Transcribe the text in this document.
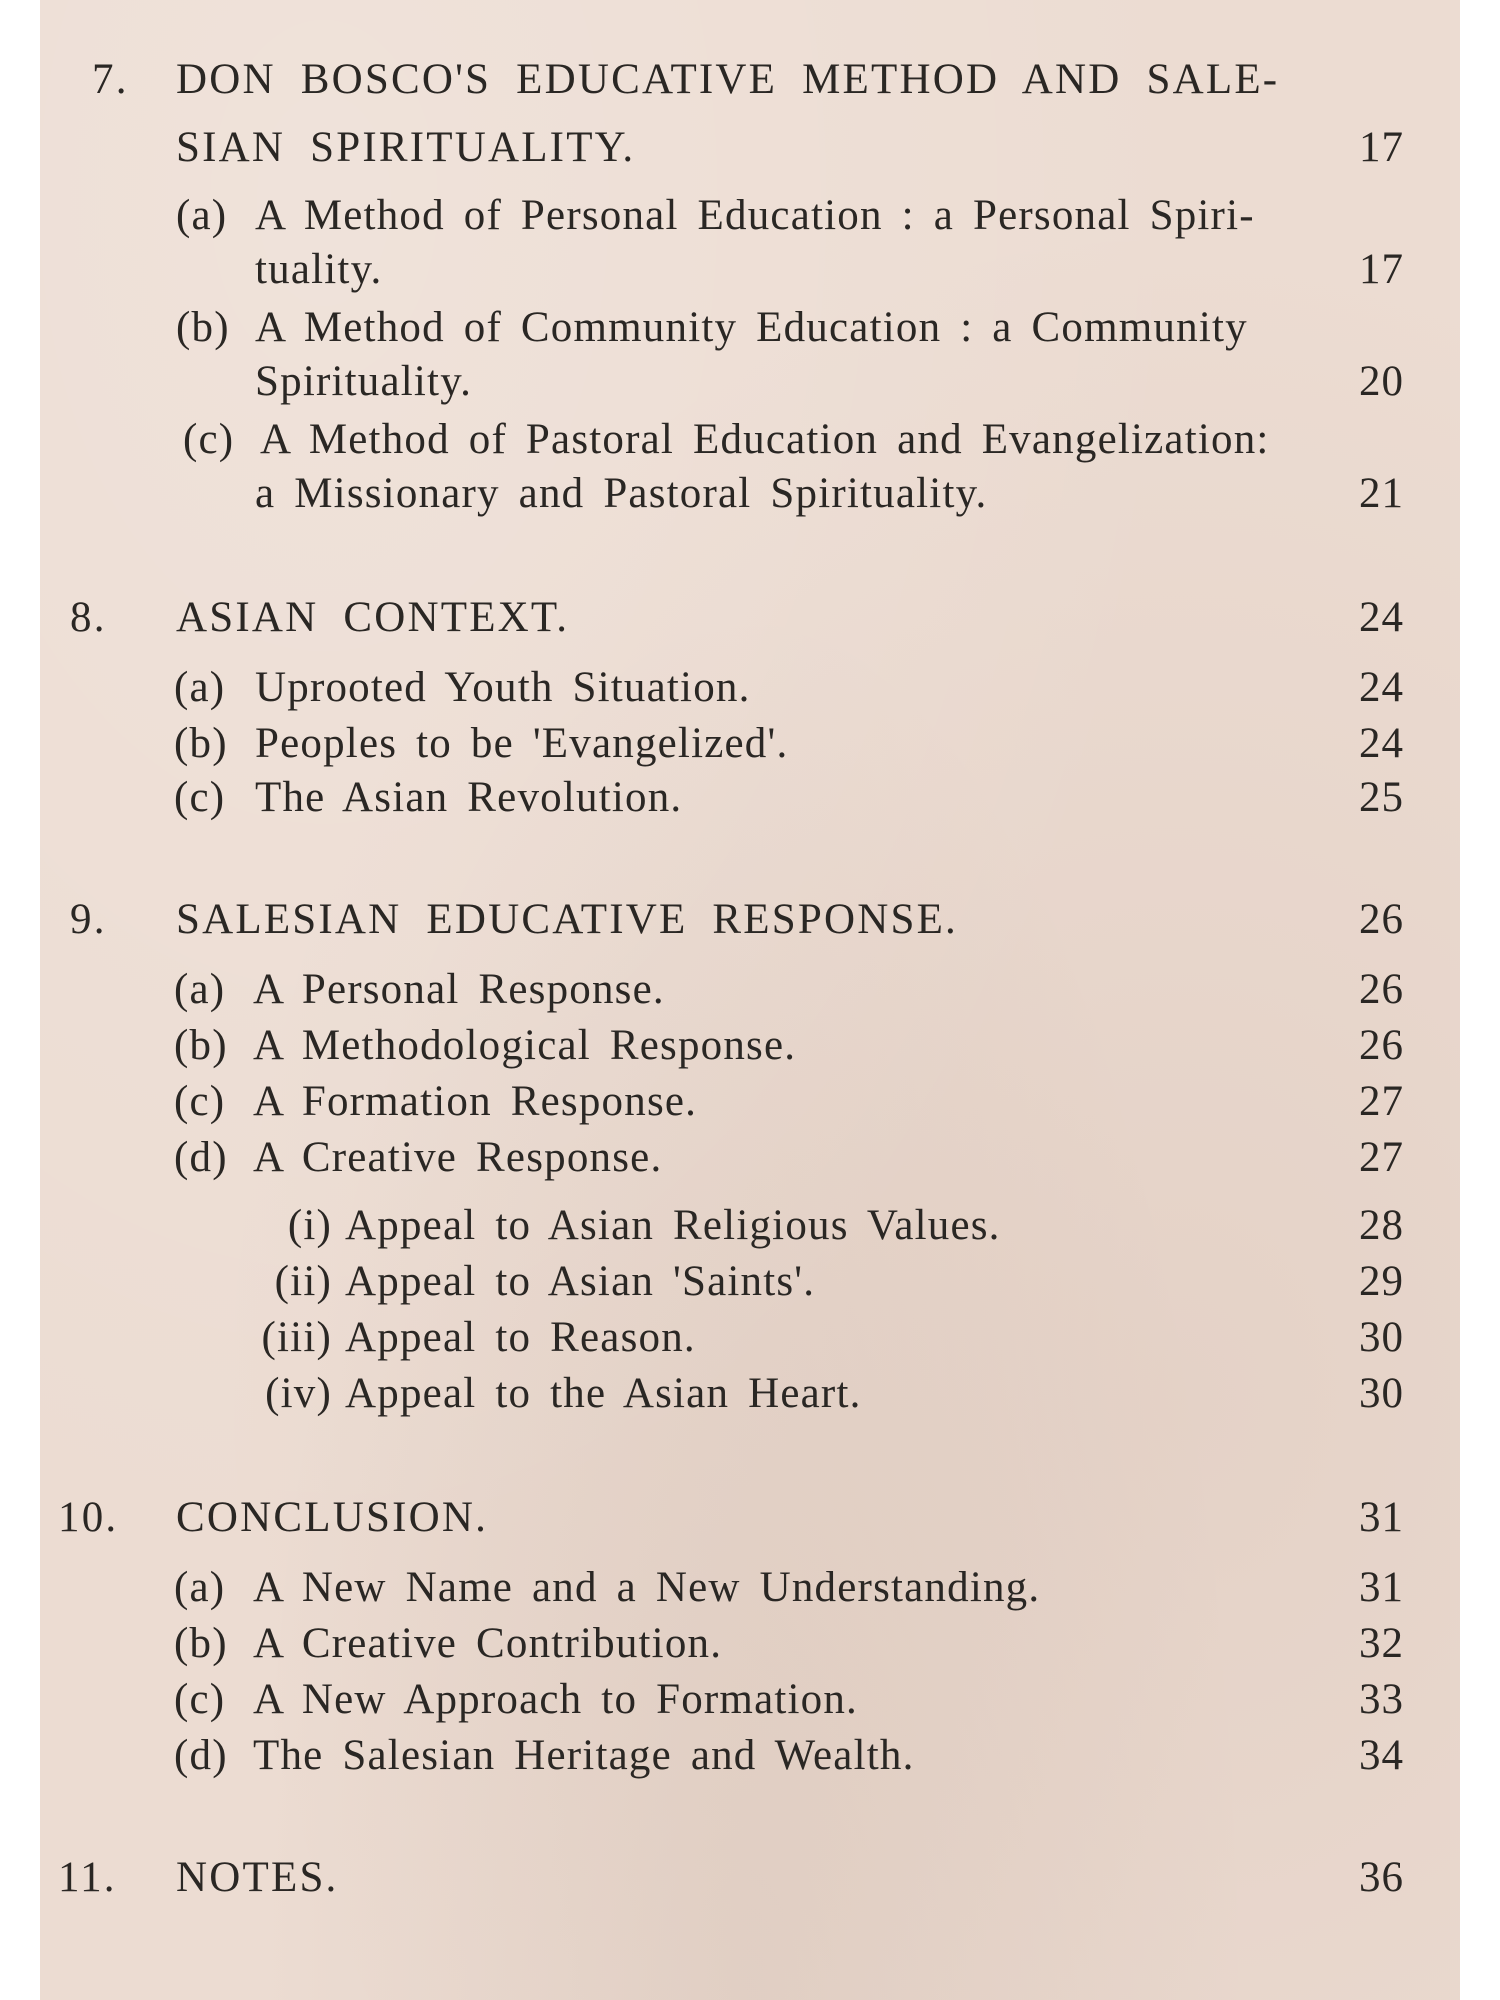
7.	DON BOSCO'S EDUCATIVE METHOD AND SALE-
SIAN SPIRITUALITY.	17
(a) A Method of Personal Education : a Personal Spiri-
tuality.	17
(b) A Method of Community Education : a Community
Spirituality.	20
(c) A Method of Pastoral Education and Evangelization:
a Missionary and Pastoral Spirituality.	21
8. ASIAN CONTEXT.	24
(a) Uprooted Youth Situation.	24
(b) Peoples to be 'Evangelized'.	24
(c) The Asian Revolution.	25
9. SALESIAN EDUCATIVE RESPONSE.	26
(a) A Personal Response.	26
(b) A Methodological Response.	26
(c) A Formation Response.	27
(d) A Creative Response.	27
(i) Appeal to Asian Religious Values.	28
(ii) Appeal to Asian 'Saints'.	29
(iii) Appeal to Reason.	30
(iv) Appeal to the Asian Heart.	30
10. CONCLUSION.	31
(a) A New Name and a New Understanding.	31
(b) A Creative Contribution.	32
(c) A New Approach to Formation.	33
(d) The Salesian Heritage and Wealth.	34
11. NOTES.	36
